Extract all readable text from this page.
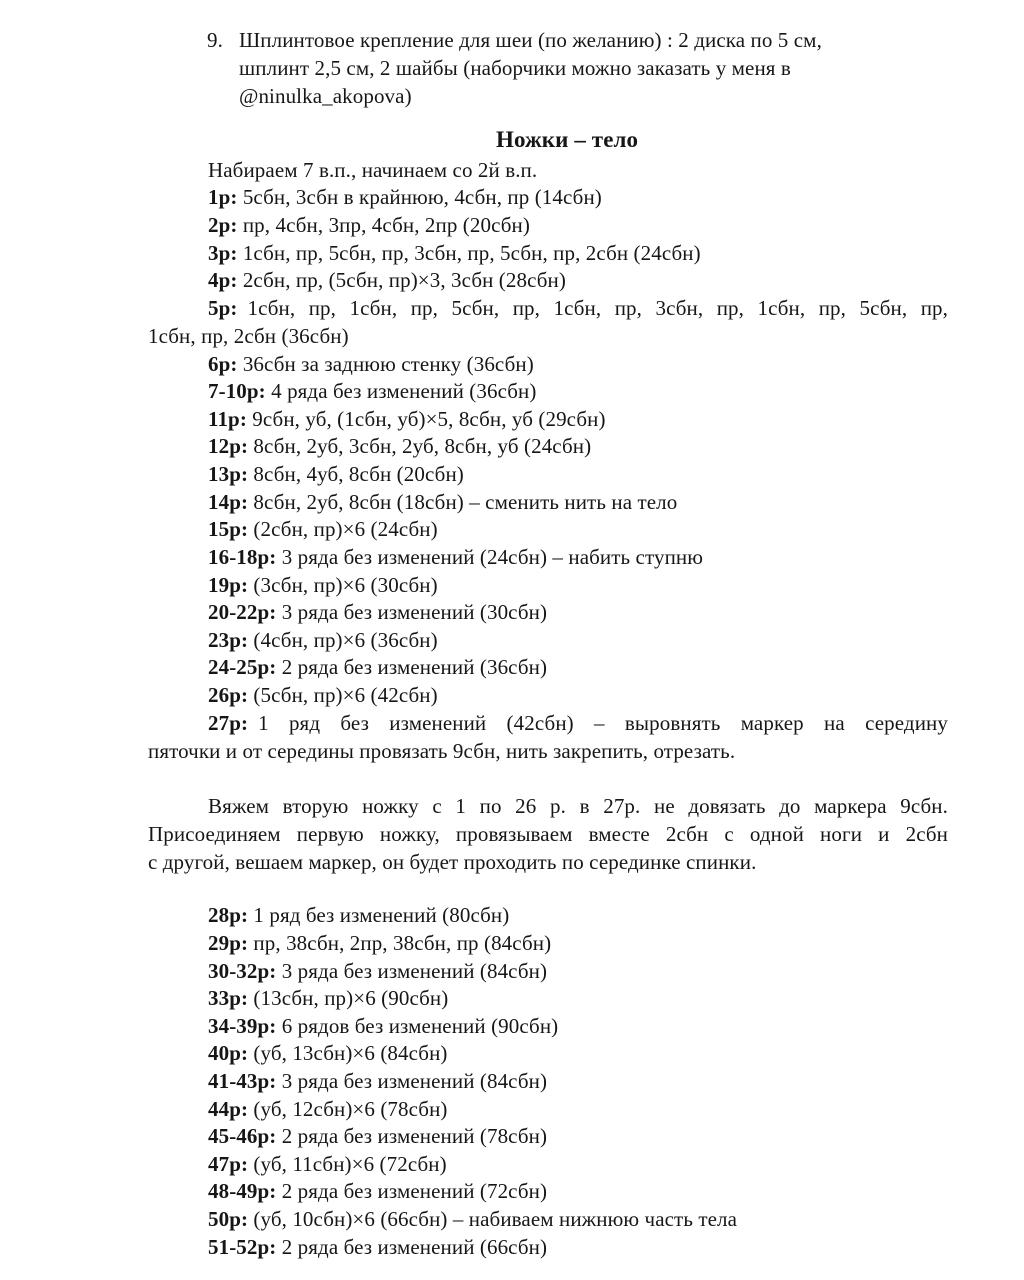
9. Шплинтовое крепление для шеи (по желанию) : 2 диска по 5 см,
шплинт 2,5 см, 2 шайбы (наборчики можно заказать у меня в
@ninulka_akopova)
Ножки – тело
Набираем 7 в.п., начинаем со 2й в.п.
1р: 5сбн, 3сбн в крайнюю, 4сбн, пр (14сбн)
2р: пр, 4сбн, 3пр, 4сбн, 2пр (20сбн)
3р: 1сбн, пр, 5сбн, пр, 3сбн, пр, 5сбн, пр, 2сбн (24сбн)
4р: 2сбн, пр, (5сбн, пр)×3, 3сбн (28сбн)
5р: 1сбн, пр, 1сбн, пр, 5сбн, пр, 1сбн, пр, 3сбн, пр, 1сбн, пр, 5сбн, пр,
1сбн, пр, 2сбн (36сбн)
6р: 36сбн за заднюю стенку (36сбн)
7-10р: 4 ряда без изменений (36сбн)
11р: 9сбн, уб, (1сбн, уб)×5, 8сбн, уб (29сбн)
12р: 8сбн, 2уб, 3сбн, 2уб, 8сбн, уб (24сбн)
13р: 8сбн, 4уб, 8сбн (20сбн)
14р: 8сбн, 2уб, 8сбн (18сбн) – сменить нить на тело
15р: (2сбн, пр)×6 (24сбн)
16-18р: 3 ряда без изменений (24сбн) – набить ступню
19р: (3сбн, пр)×6 (30сбн)
20-22р: 3 ряда без изменений (30сбн)
23р: (4сбн, пр)×6 (36сбн)
24-25р: 2 ряда без изменений (36сбн)
26р: (5сбн, пр)×6 (42сбн)
27р: 1 ряд без изменений (42сбн) – выровнять маркер на середину
пяточки и от середины провязать 9сбн, нить закрепить, отрезать.
Вяжем вторую ножку с 1 по 26 р. в 27р. не довязать до маркера 9сбн.
Присоединяем первую ножку, провязываем вместе 2сбн с одной ноги и 2сбн
с другой, вешаем маркер, он будет проходить по серединке спинки.
28р: 1 ряд без изменений (80сбн)
29р: пр, 38сбн, 2пр, 38сбн, пр (84сбн)
30-32р: 3 ряда без изменений (84сбн)
33р: (13сбн, пр)×6 (90сбн)
34-39р: 6 рядов без изменений (90сбн)
40р: (уб, 13сбн)×6 (84сбн)
41-43р: 3 ряда без изменений (84сбн)
44р: (уб, 12сбн)×6 (78сбн)
45-46р: 2 ряда без изменений (78сбн)
47р: (уб, 11сбн)×6 (72сбн)
48-49р: 2 ряда без изменений (72сбн)
50р: (уб, 10сбн)×6 (66сбн) – набиваем нижнюю часть тела
51-52р: 2 ряда без изменений (66сбн)
